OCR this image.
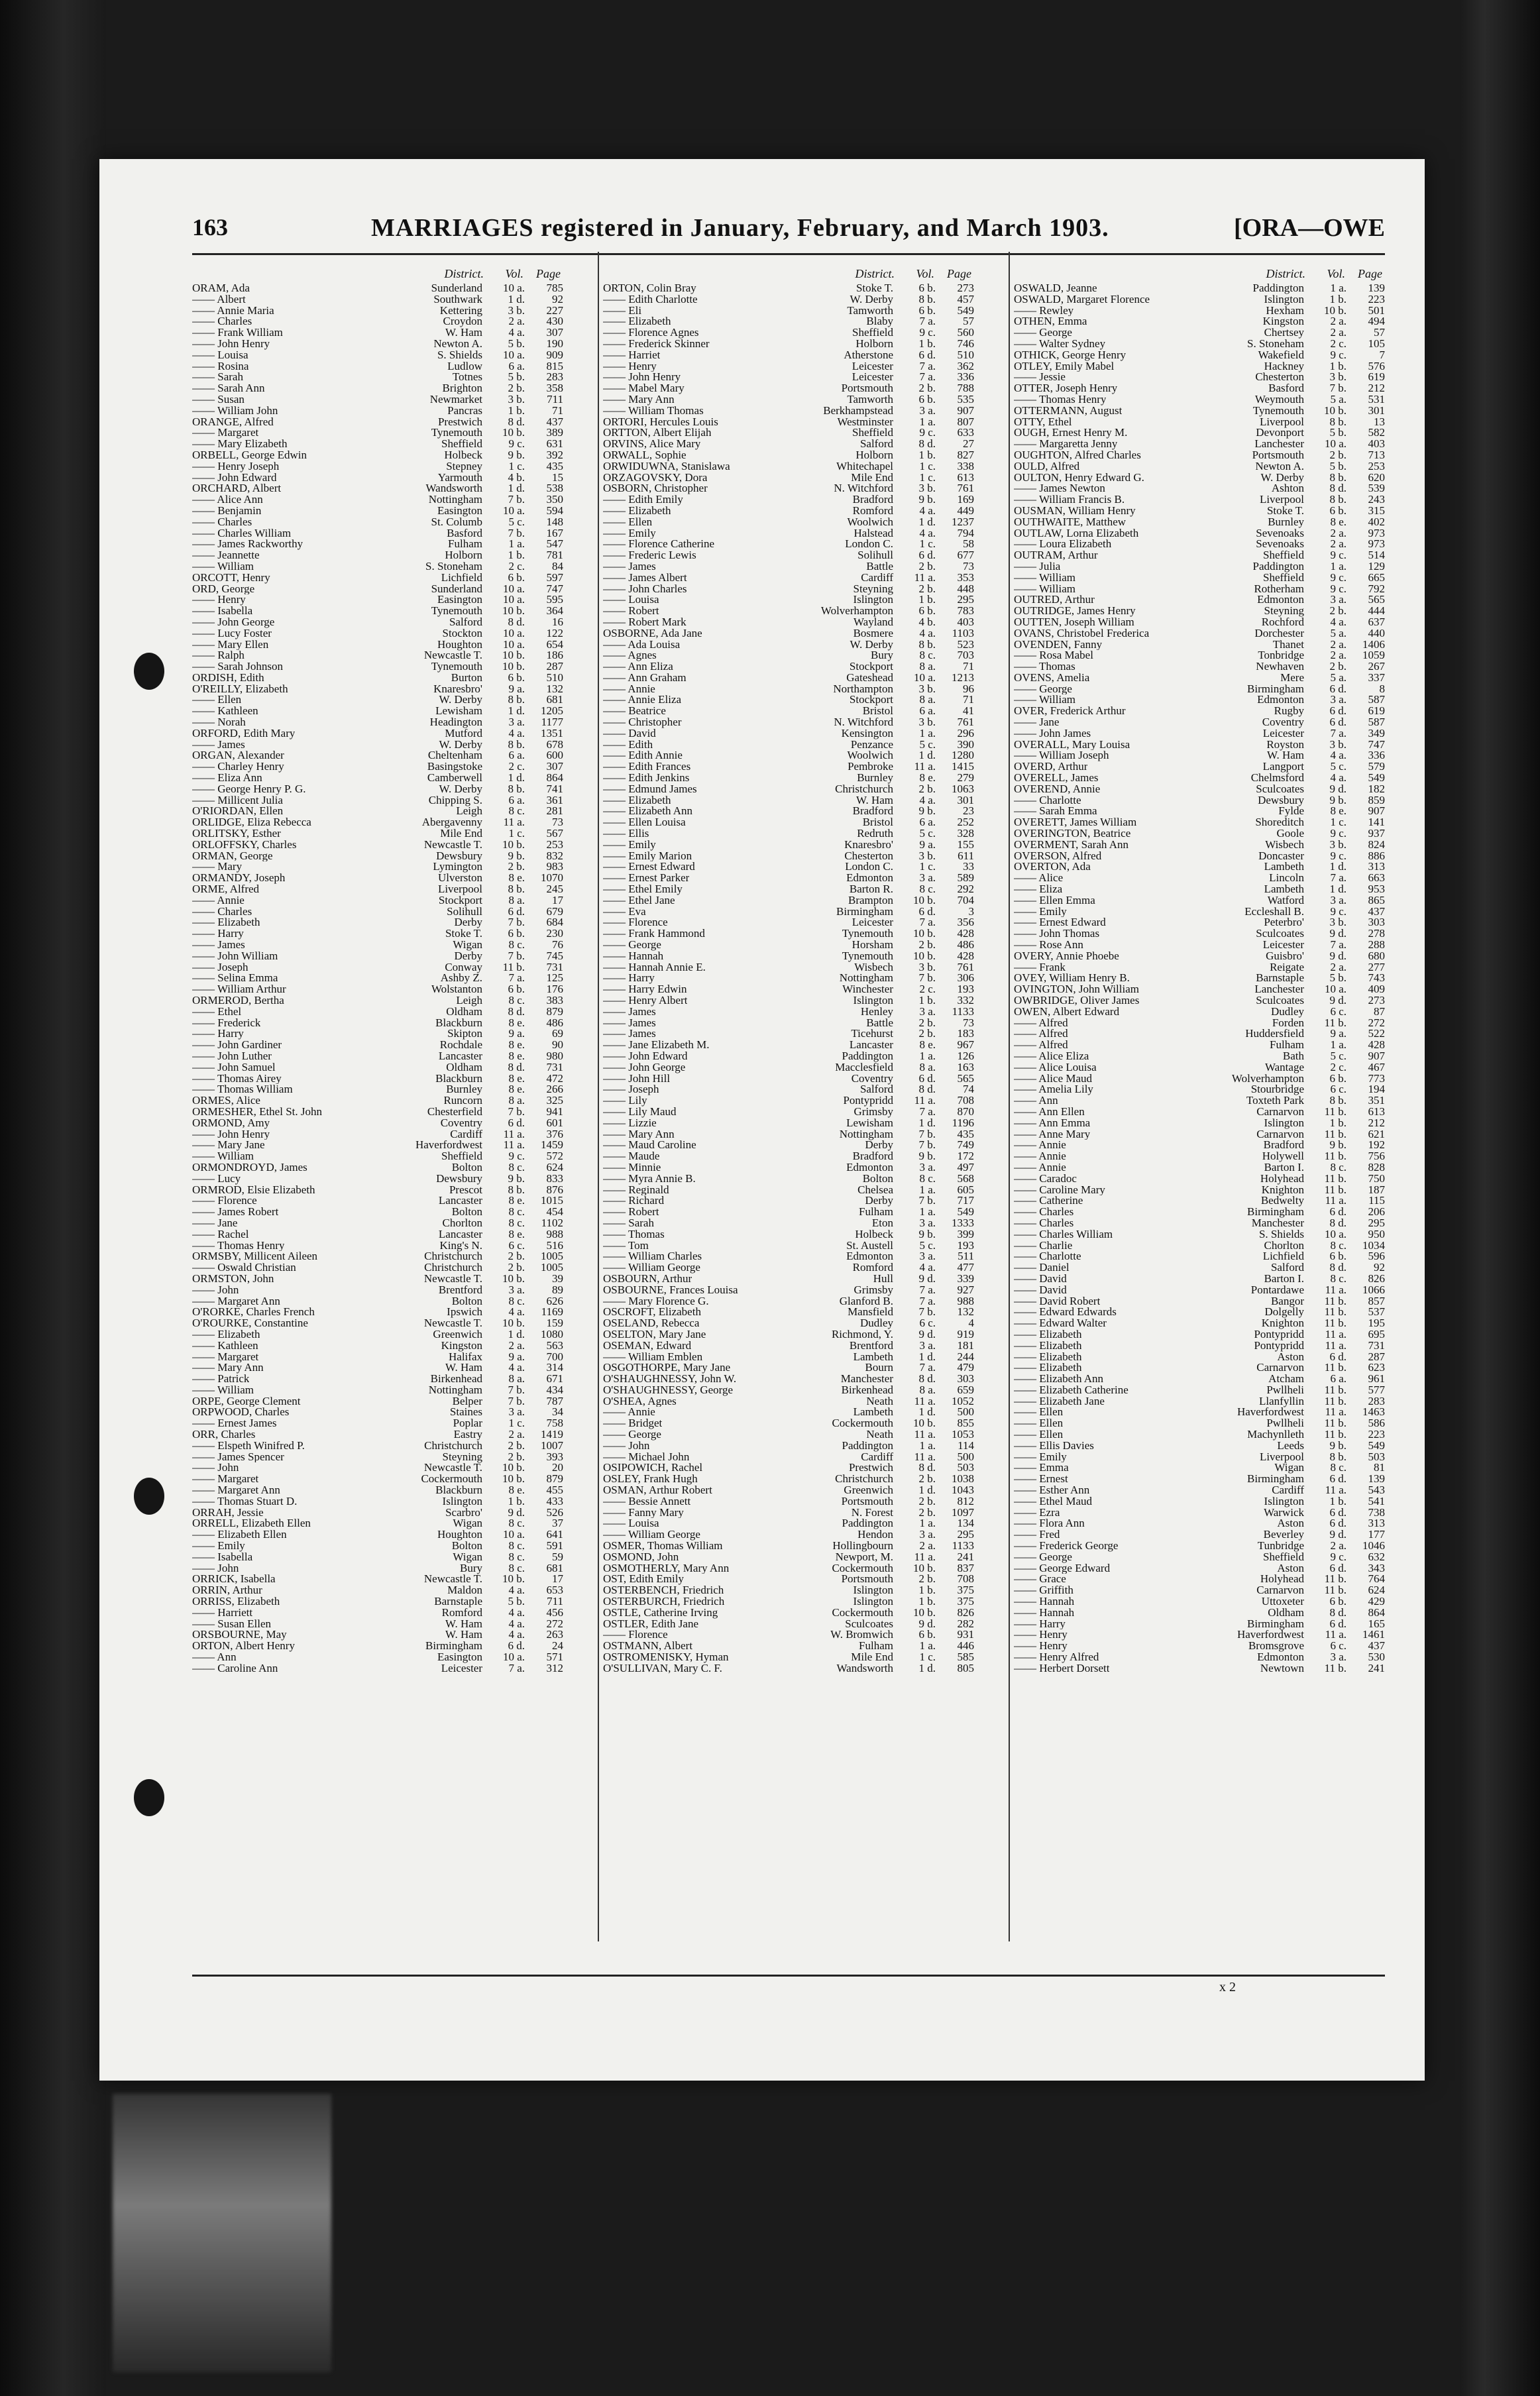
163	MARRIAGES registered in January, February, and March 1903.	[ORA—OWE
District. Vol. Page
ORAM, Ada	Sunderland 10 a. 785
—— Albert	Southwark 1 d. 92
—— Annie Maria	Kettering 3 b. 227
—— Charles	Croydon 2 a. 430
—— Frank William	W. Ham 4 a. 307
—— John Henry	Newton A. 5 b. 190
—— Louisa	S. Shields 10 a. 909
—— Rosina	Ludlow 6 a. 815
—— Sarah	Totnes 5 b. 283
—— Sarah Ann	Brighton 2 b. 358
—— Susan	Newmarket 3 b. 711
—— William John	Pancras 1 b. 71
ORANGE, Alfred	Prestwich 8 d. 437
—— Margaret	Tynemouth 10 b. 389
—— Mary Elizabeth	Sheffield 9 c. 631
ORBELL, George Edwin	Holbeck 9 b. 392
—— Henry Joseph	Stepney 1 c. 435
—— John Edward	Yarmouth 4 b. 15
ORCHARD, Albert	Wandsworth 1 d. 538
—— Alice Ann	Nottingham 7 b. 350
—— Benjamin	Easington 10 a. 594
—— Charles	St. Columb 5 c. 148
—— Charles William	Basford 7 b. 167
—— James Rackworthy	Fulham 1 a. 547
—— Jeannette	Holborn 1 b. 781
—— William	S. Stoneham 2 c. 84
ORCOTT, Henry	Lichfield 6 b. 597
ORD, George	Sunderland 10 a. 747
—— Henry	Easington 10 a. 595
—— Isabella	Tynemouth 10 b. 364
—— John George	Salford 8 d. 16
—— Lucy Foster	Stockton 10 a. 122
—— Mary Ellen	Houghton 10 a. 654
—— Ralph	Newcastle T. 10 b. 186
—— Sarah Johnson	Tynemouth 10 b. 287
ORDISH, Edith	Burton 6 b. 510
O'REILLY, Elizabeth	Knaresbro' 9 a. 132
—— Ellen	W. Derby 8 b. 681
—— Kathleen	Lewisham 1 d. 1205
—— Norah	Headington 3 a. 1177
ORFORD, Edith Mary	Mutford 4 a. 1351
—— James	W. Derby 8 b. 678
ORGAN, Alexander	Cheltenham 6 a. 600
—— Charley Henry	Basingstoke 2 c. 307
—— Eliza Ann	Camberwell 1 d. 864
—— George Henry P. G.	W. Derby 8 b. 741
—— Millicent Julia	Chipping S. 6 a. 361
O'RIORDAN, Ellen	Leigh 8 c. 281
ORLIDGE, Eliza Rebecca	Abergavenny 11 a. 73
ORLITSKY, Esther	Mile End 1 c. 567
ORLOFFSKY, Charles	Newcastle T. 10 b. 253
ORMAN, George	Dewsbury 9 b. 832
—— Mary	Lymington 2 b. 983
ORMANDY, Joseph	Ulverston 8 e. 1070
ORME, Alfred	Liverpool 8 b. 245
—— Annie	Stockport 8 a. 17
—— Charles	Solihull 6 d. 679
—— Elizabeth	Derby 7 b. 684
—— Harry	Stoke T. 6 b. 230
—— James	Wigan 8 c. 76
—— John William	Derby 7 b. 745
—— Joseph	Conway 11 b. 731
—— Selina Emma	Ashby Z. 7 a. 125
—— William Arthur	Wolstanton 6 b. 176
ORMEROD, Bertha	Leigh 8 c. 383
—— Ethel	Oldham 8 d. 879
—— Frederick	Blackburn 8 e. 486
—— Harry	Skipton 9 a. 69
—— John Gardiner	Rochdale 8 e. 90
—— John Luther	Lancaster 8 e. 980
—— John Samuel	Oldham 8 d. 731
—— Thomas Airey	Blackburn 8 e. 472
—— Thomas William	Burnley 8 e. 266
ORMES, Alice	Runcorn 8 a. 325
ORMESHER, Ethel St. John	Chesterfield 7 b. 941
ORMOND, Amy	Coventry 6 d. 601
—— John Henry	Cardiff 11 a. 376
—— Mary Jane	Haverfordwest 11 a. 1459
—— William	Sheffield 9 c. 572
ORMONDROYD, James	Bolton 8 c. 624
—— Lucy	Dewsbury 9 b. 833
ORMROD, Elsie Elizabeth	Prescot 8 b. 876
—— Florence	Lancaster 8 e. 1015
—— James Robert	Bolton 8 c. 454
—— Jane	Chorlton 8 c. 1102
—— Rachel	Lancaster 8 e. 988
—— Thomas Henry	King's N. 6 c. 516
ORMSBY, Millicent Aileen	Christchurch 2 b. 1005
—— Oswald Christian	Christchurch 2 b. 1005
ORMSTON, John	Newcastle T. 10 b. 39
—— John	Brentford 3 a. 89
—— Margaret Ann	Bolton 8 c. 626
O'RORKE, Charles French	Ipswich 4 a. 1169
O'ROURKE, Constantine	Newcastle T. 10 b. 159
—— Elizabeth	Greenwich 1 d. 1080
—— Kathleen	Kingston 2 a. 563
—— Margaret	Halifax 9 a. 700
—— Mary Ann	W. Ham 4 a. 314
—— Patrick	Birkenhead 8 a. 671
—— William	Nottingham 7 b. 434
ORPE, George Clement	Belper 7 b. 787
ORPWOOD, Charles	Staines 3 a. 34
—— Ernest James	Poplar 1 c. 758
ORR, Charles	Eastry 2 a. 1419
—— Elspeth Winifred P.	Christchurch 2 b. 1007
—— James Spencer	Steyning 2 b. 393
—— John	Newcastle T. 10 b. 20
—— Margaret	Cockermouth 10 b. 879
—— Margaret Ann	Blackburn 8 e. 455
—— Thomas Stuart D.	Islington 1 b. 433
ORRAH, Jessie	Scarbro' 9 d. 526
ORRELL, Elizabeth Ellen	Wigan 8 c. 37
—— Elizabeth Ellen	Houghton 10 a. 641
—— Emily	Bolton 8 c. 591
—— Isabella	Wigan 8 c. 59
—— John	Bury 8 c. 681
ORRICK, Isabella	Newcastle T. 10 b. 17
ORRIN, Arthur	Maldon 4 a. 653
ORRISS, Elizabeth	Barnstaple 5 b. 711
—— Harriett	Romford 4 a. 456
—— Susan Ellen	W. Ham 4 a. 272
ORSBOURNE, May	W. Ham 4 a. 263
ORTON, Albert Henry	Birmingham 6 d. 24
—— Ann	Easington 10 a. 571
—— Caroline Ann	Leicester 7 a. 312
District. Vol. Page
ORTON, Colin Bray	Stoke T. 6 b. 273
—— Edith Charlotte	W. Derby 8 b. 457
—— Eli	Tamworth 6 b. 549
—— Elizabeth	Blaby 7 a. 57
—— Florence Agnes	Sheffield 9 c. 560
—— Frederick Skinner	Holborn 1 b. 746
—— Harriet	Atherstone 6 d. 510
—— Henry	Leicester 7 a. 362
—— John Henry	Leicester 7 a. 336
—— Mabel Mary	Portsmouth 2 b. 788
—— Mary Ann	Tamworth 6 b. 535
—— William Thomas	Berkhampstead 3 a. 907
ORTORI, Hercules Louis	Westminster 1 a. 807
ORTTON, Albert Elijah	Sheffield 9 c. 633
ORVINS, Alice Mary	Salford 8 d. 27
ORWALL, Sophie	Holborn 1 b. 827
ORWIDUWNA, Stanislawa	Whitechapel 1 c. 338
ORZAGOVSKY, Dora	Mile End 1 c. 613
OSBORN, Christopher	N. Witchford 3 b. 761
—— Edith Emily	Bradford 9 b. 169
—— Elizabeth	Romford 4 a. 449
—— Ellen	Woolwich 1 d. 1237
—— Emily	Halstead 4 a. 794
—— Florence Catherine	London C. 1 c. 58
—— Frederic Lewis	Solihull 6 d. 677
—— James	Battle 2 b. 73
—— James Albert	Cardiff 11 a. 353
—— John Charles	Steyning 2 b. 448
—— Louisa	Islington 1 b. 295
—— Robert	Wolverhampton 6 b. 783
—— Robert Mark	Wayland 4 b. 403
OSBORNE, Ada Jane	Bosmere 4 a. 1103
—— Ada Louisa	W. Derby 8 b. 523
—— Agnes	Bury 8 c. 703
—— Ann Eliza	Stockport 8 a. 71
—— Ann Graham	Gateshead 10 a. 1213
—— Annie	Northampton 3 b. 96
—— Annie Eliza	Stockport 8 a. 71
—— Beatrice	Bristol 6 a. 41
—— Christopher	N. Witchford 3 b. 761
—— David	Kensington 1 a. 296
—— Edith	Penzance 5 c. 390
—— Edith Annie	Woolwich 1 d. 1280
—— Edith Frances	Pembroke 11 a. 1415
—— Edith Jenkins	Burnley 8 e. 279
—— Edmund James	Christchurch 2 b. 1063
—— Elizabeth	W. Ham 4 a. 301
—— Elizabeth Ann	Bradford 9 b. 23
—— Ellen Louisa	Bristol 6 a. 252
—— Ellis	Redruth 5 c. 328
—— Emily	Knaresbro' 9 a. 155
—— Emily Marion	Chesterton 3 b. 611
—— Ernest Edward	London C. 1 c. 33
—— Ernest Parker	Edmonton 3 a. 589
—— Ethel Emily	Barton R. 8 c. 292
—— Ethel Jane	Brampton 10 b. 704
—— Eva	Birmingham 6 d.	3
—— Florence	Leicester 7 a. 356
—— Frank Hammond	Tynemouth 10 b. 428
—— George	Horsham 2 b. 486
—— Hannah	Tynemouth 10 b. 428
—— Hannah Annie E.	Wisbech 3 b. 761
—— Harry	Nottingham 7 b. 306
—— Harry Edwin	Winchester 2 c. 193
—— Henry Albert	Islington 1 b. 332
—— James	Henley 3 a. 1133
—— James	Battle 2 b. 73
—— James	Ticehurst 2 b. 183
—— Jane Elizabeth M.	Lancaster 8 e. 967
—— John Edward	Paddington 1 a. 126
—— John George	Macclesfield 8 a. 163
—— John Hill	Coventry 6 d. 565
—— Joseph	Salford 8 d. 74
—— Lily	Pontypridd 11 a. 708
—— Lily Maud	Grimsby 7 a. 870
—— Lizzie	Lewisham 1 d. 1196
—— Mary Ann	Nottingham 7 b. 435
—— Maud Caroline	Derby 7 b. 749
—— Maude	Bradford 9 b. 172
—— Minnie	Edmonton 3 a. 497
—— Myra Annie B.	Bolton 8 c. 568
—— Reginald	Chelsea 1 a. 605
—— Richard	Derby 7 b. 717
—— Robert	Fulham 1 a. 549
—— Sarah	Eton 3 a. 1333
—— Thomas	Holbeck 9 b. 399
—— Tom	St. Austell 5 c. 193
—— William Charles	Edmonton 3 a. 511
—— William George	Romford 4 a. 477
OSBOURN, Arthur	Hull 9 d. 339
OSBOURNE, Frances Louisa	Grimsby 7 a. 927
—— Mary Florence G.	Glanford B. 7 a. 988
OSCROFT, Elizabeth	Mansfield 7 b. 132
OSELAND, Rebecca	Dudley 6 c.	4
OSELTON, Mary Jane	Richmond, Y. 9 d. 919
OSEMAN, Edward	Brentford 3 a. 181
—— William Emblen	Lambeth 1 d. 244
OSGOTHORPE, Mary Jane	Bourn 7 a. 479
O'SHAUGHNESSY, John W.	Manchester 8 d. 303
O'SHAUGHNESSY, George	Birkenhead 8 a. 659
O'SHEA, Agnes	Neath 11 a. 1052
—— Annie	Lambeth 1 d. 500
—— Bridget	Cockermouth 10 b. 855
—— George	Neath 11 a. 1053
—— John	Paddington 1 a. 114
—— Michael John	Cardiff 11 a. 500
OSIPOWICH, Rachel	Prestwich 8 d. 503
OSLEY, Frank Hugh	Christchurch 2 b. 1038
OSMAN, Arthur Robert	Greenwich 1 d. 1043
—— Bessie Annett	Portsmouth 2 b. 812
—— Fanny Mary	N. Forest 2 b. 1097
—— Louisa	Paddington 1 a. 134
—— William George	Hendon 3 a. 295
OSMER, Thomas William	Hollingbourn 2 a. 1133
OSMOND, John	Newport, M. 11 a. 241
OSMOTHERLY, Mary Ann	Cockermouth 10 b. 837
OST, Edith Emily	Portsmouth 2 b. 708
OSTERBENCH, Friedrich	Islington 1 b. 375
OSTERBURCH, Friedrich	Islington 1 b. 375
OSTLE, Catherine Irving	Cockermouth 10 b. 826
OSTLER, Edith Jane	Sculcoates 9 d. 282
—— Florence	W. Bromwich 6 b. 931
OSTMANN, Albert	Fulham 1 a. 446
OSTROMENISKY, Hyman	Mile End 1 c. 585
O'SULLIVAN, Mary C. F.	Wandsworth 1 d. 805
District. Vol. Page
OSWALD, Jeanne	Paddington 1 a. 139
OSWALD, Margaret Florence	Islington 1 b. 223
—— Rewley	Hexham 10 b. 501
OTHEN, Emma	Kingston 2 a. 494
—— George	Chertsey 2 a. 57
—— Walter Sydney	S. Stoneham 2 c. 105
OTHICK, George Henry	Wakefield 9 c.	7
OTLEY, Emily Mabel	Hackney 1 b. 576
—— Jessie	Chesterton 3 b. 619
OTTER, Joseph Henry	Basford 7 b. 212
—— Thomas Henry	Weymouth 5 a. 531
OTTERMANN, August	Tynemouth 10 b. 301
OTTY, Ethel	Liverpool 8 b. 13
OUGH, Ernest Henry M.	Devonport 5 b. 582
—— Margaretta Jenny	Lanchester 10 a. 403
OUGHTON, Alfred Charles	Portsmouth 2 b. 713
OULD, Alfred	Newton A. 5 b. 253
OULTON, Henry Edward G.	W. Derby 8 b. 620
—— James Newton	Ashton 8 d. 539
—— William Francis B.	Liverpool 8 b. 243
OUSMAN, William Henry	Stoke T. 6 b. 315
OUTHWAITE, Matthew	Burnley 8 e. 402
OUTLAW, Lorna Elizabeth	Sevenoaks 2 a. 973
—— Loura Elizabeth	Sevenoaks 2 a. 973
OUTRAM, Arthur	Sheffield 9 c. 514
—— Julia	Paddington 1 a. 129
—— William	Sheffield 9 c. 665
—— William	Rotherham 9 c. 792
OUTRED, Arthur	Edmonton 3 a. 565
OUTRIDGE, James Henry	Steyning 2 b. 444
OUTTEN, Joseph William	Rochford 4 a. 637
OVANS, Christobel Frederica	Dorchester 5 a. 440
OVENDEN, Fanny	Thanet 2 a. 1406
—— Rosa Mabel	Tonbridge 2 a. 1059
—— Thomas	Newhaven 2 b. 267
OVENS, Amelia	Mere 5 a. 337
—— George	Birmingham 6 d.	8
—— William	Edmonton 3 a. 587
OVER, Frederick Arthur	Rugby 6 d. 619
—— Jane	Coventry 6 d. 587
—— John James	Leicester 7 a. 349
OVERALL, Mary Louisa	Royston 3 b. 747
—— William Joseph	W. Ham 4 a. 336
OVERD, Arthur	Langport 5 c. 579
OVERELL, James	Chelmsford 4 a. 549
OVEREND, Annie	Sculcoates 9 d. 182
—— Charlotte	Dewsbury 9 b. 859
—— Sarah Emma	Fylde 8 e. 907
OVERETT, James William	Shoreditch 1 c. 141
OVERINGTON, Beatrice	Goole 9 c. 937
OVERMENT, Sarah Ann	Wisbech 3 b. 824
OVERSON, Alfred	Doncaster 9 c. 886
OVERTON, Ada	Lambeth 1 d. 313
—— Alice	Lincoln 7 a. 663
—— Eliza	Lambeth 1 d. 953
—— Ellen Emma	Watford 3 a. 865
—— Emily	Eccleshall B. 9 c. 437
—— Ernest Edward	Peterbro' 3 b. 303
—— John Thomas	Sculcoates 9 d. 278
—— Rose Ann	Leicester 7 a. 288
OVERY, Annie Phoebe	Guisbro' 9 d. 680
—— Frank	Reigate 2 a. 277
OVEY, William Henry B.	Barnstaple 5 b. 743
OVINGTON, John William	Lanchester 10 a. 409
OWBRIDGE, Oliver James	Sculcoates 9 d. 273
OWEN, Albert Edward	Dudley 6 c. 87
—— Alfred	Forden 11 b. 272
—— Alfred	Huddersfield 9 a. 522
—— Alfred	Fulham 1 a. 428
—— Alice Eliza	Bath 5 c. 907
—— Alice Louisa	Wantage 2 c. 467
—— Alice Maud	Wolverhampton 6 b. 773
—— Amelia Lily	Stourbridge 6 c. 194
—— Ann	Toxteth Park 8 b. 351
—— Ann Ellen	Carnarvon 11 b. 613
—— Ann Emma	Islington 1 b. 212
—— Anne Mary	Carnarvon 11 b. 621
—— Annie	Bradford 9 b. 192
—— Annie	Holywell 11 b. 756
—— Annie	Barton I. 8 c. 828
—— Caradoc	Holyhead 11 b. 750
—— Caroline Mary	Knighton 11 b. 187
—— Catherine	Bedwelty 11 a. 115
—— Charles	Birmingham 6 d. 206
—— Charles	Manchester 8 d. 295
—— Charles William	S. Shields 10 a. 950
—— Charlie	Chorlton 8 c. 1034
—— Charlotte	Lichfield 6 b. 596
—— Daniel	Salford 8 d. 92
—— David	Barton I. 8 c. 826
—— David	Pontardawe 11 a. 1066
—— David Robert	Bangor 11 b. 857
—— Edward Edwards	Dolgelly 11 b. 537
—— Edward Walter	Knighton 11 b. 195
—— Elizabeth	Pontypridd 11 a. 695
—— Elizabeth	Pontypridd 11 a. 731
—— Elizabeth	Aston 6 d. 287
—— Elizabeth	Carnarvon 11 b. 623
—— Elizabeth Ann	Atcham 6 a. 961
—— Elizabeth Catherine	Pwllheli 11 b. 577
—— Elizabeth Jane	Llanfyllin 11 b. 283
—— Ellen	Haverfordwest 11 a. 1463
—— Ellen	Pwllheli 11 b. 586
—— Ellen	Machynlleth 11 b. 223
—— Ellis Davies	Leeds 9 b. 549
—— Emily	Liverpool 8 b. 503
—— Emma	Wigan 8 c. 81
—— Ernest	Birmingham 6 d. 139
—— Esther Ann	Cardiff 11 a. 543
—— Ethel Maud	Islington 1 b. 541
—— Ezra	Warwick 6 d. 738
—— Flora Ann	Aston 6 d. 313
—— Fred	Beverley 9 d. 177
—— Frederick George	Tunbridge 2 a. 1046
—— George	Sheffield 9 c. 632
—— George Edward	Aston 6 d. 343
—— Grace	Holyhead 11 b. 764
—— Griffith	Carnarvon 11 b. 624
—— Hannah	Uttoxeter 6 b. 429
—— Hannah	Oldham 8 d. 864
—— Harry	Birmingham 6 d. 165
—— Henry	Haverfordwest 11 a. 1461
—— Henry	Bromsgrove 6 c. 437
—— Henry Alfred	Edmonton 3 a. 530
—— Herbert Dorsett	Newtown 11 b. 241
x 2
